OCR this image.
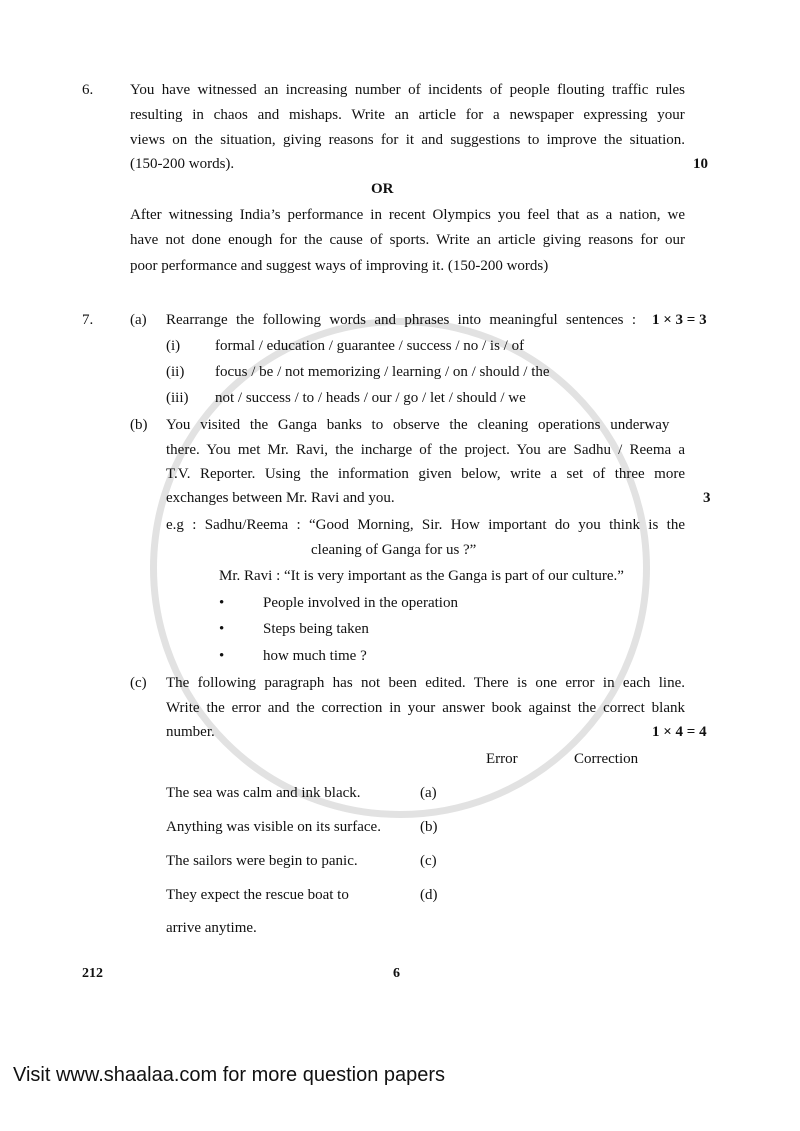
6. You have witnessed an increasing number of incidents of people flouting traffic rules
resulting in chaos and mishaps. Write an article for a newspaper expressing your
views on the situation, giving reasons for it and suggestions to improve the situation.
(150-200 words).	10
OR
After witnessing India’s performance in recent Olympics you feel that as a nation, we
have not done enough for the cause of sports. Write an article giving reasons for our
poor performance and suggest ways of improving it. (150-200 words)
7. (a) Rearrange the following words and phrases into meaningful sentences : 1 × 3 = 3
(i) formal / education / guarantee / success / no / is / of
(ii) focus / be / not memorizing / learning / on / should / the
(iii) not / success / to / heads / our / go / let / should / we
(b) You visited the Ganga banks to observe the cleaning operations underway
there. You met Mr. Ravi, the incharge of the project. You are Sadhu / Reema a
T.V. Reporter. Using the information given below, write a set of three more
exchanges between Mr. Ravi and you.	3
e.g : Sadhu/Reema : “Good Morning, Sir. How important do you think is the
cleaning of Ganga for us ?”
Mr. Ravi : “It is very important as the Ganga is part of our culture.”
•	People involved in the operation
•	Steps being taken
•	how much time ?
(c) The following paragraph has not been edited. There is one error in each line.
Write the error and the correction in your answer book against the correct blank
number.	1 × 4 = 4
Error	Correction
The sea was calm and ink black.	(a)
Anything was visible on its surface.	(b)
The sailors were begin to panic.	(c)
They expect the rescue boat to	(d)
arrive anytime.
212	6
Visit www.shaalaa.com for more question papers
